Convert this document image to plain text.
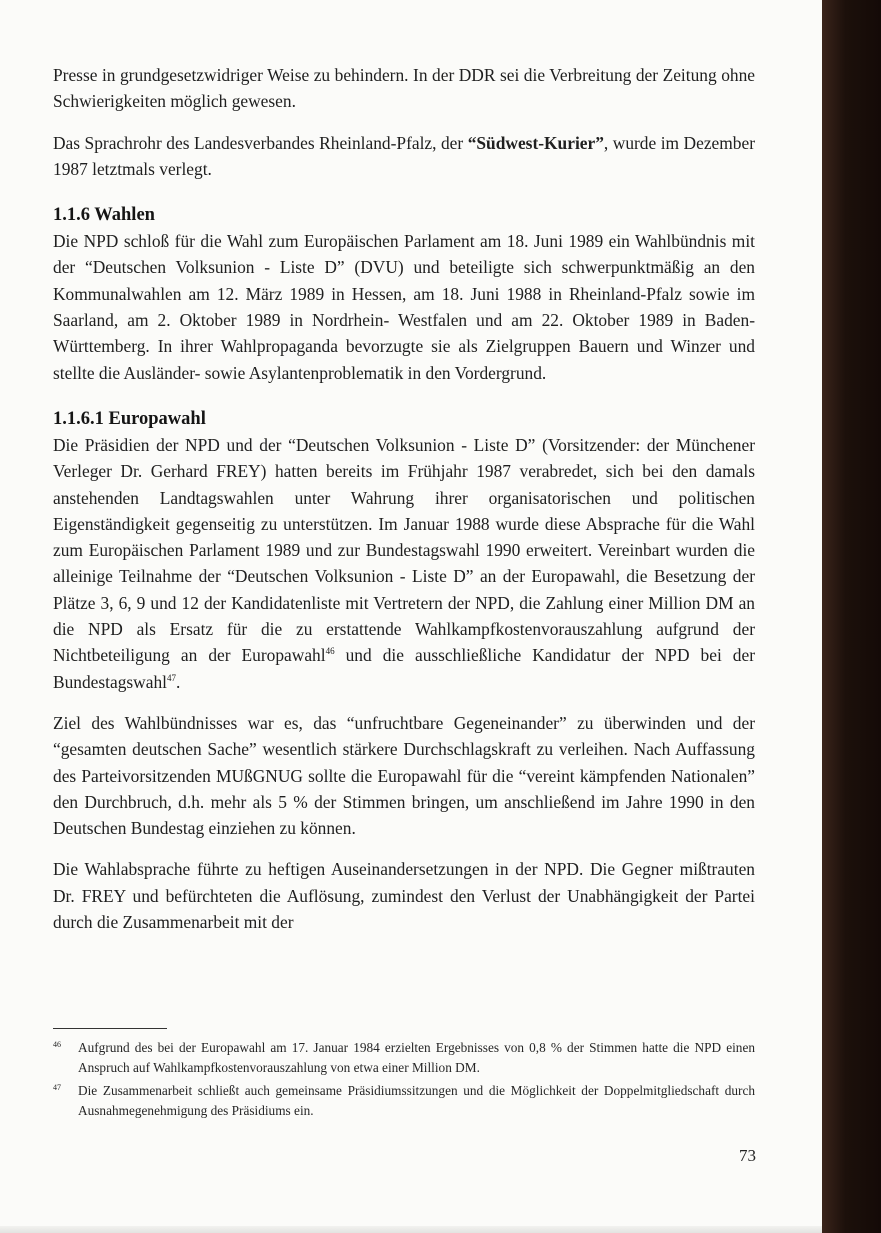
Presse in grundgesetzwidriger Weise zu behindern. In der DDR sei die Verbreitung der Zeitung ohne Schwierigkeiten möglich gewesen.

Das Sprachrohr des Landesverbandes Rheinland-Pfalz, der “Südwest-Kurier”, wurde im Dezember 1987 letztmals verlegt.

1.1.6 Wahlen

Die NPD schloß für die Wahl zum Europäischen Parlament am 18. Juni 1989 ein Wahlbündnis mit der “Deutschen Volksunion - Liste D” (DVU) und beteiligte sich schwerpunktmäßig an den Kommunalwahlen am 12. März 1989 in Hessen, am 18. Juni 1988 in Rheinland-Pfalz sowie im Saarland, am 2. Oktober 1989 in Nordrhein- Westfalen und am 22. Oktober 1989 in Baden-Württemberg. In ihrer Wahlpropaganda bevorzugte sie als Zielgruppen Bauern und Winzer und stellte die Ausländer- sowie Asylantenproblematik in den Vordergrund.

1.1.6.1 Europawahl

Die Präsidien der NPD und der “Deutschen Volksunion - Liste D” (Vorsitzender: der Münchener Verleger Dr. Gerhard FREY) hatten bereits im Frühjahr 1987 verabredet, sich bei den damals anstehenden Landtagswahlen unter Wahrung ihrer organisatorischen und politischen Eigenständigkeit gegenseitig zu unterstützen. Im Januar 1988 wurde diese Absprache für die Wahl zum Europäischen Parlament 1989 und zur Bundestagswahl 1990 erweitert. Vereinbart wurden die alleinige Teilnahme der “Deutschen Volksunion - Liste D” an der Europawahl, die Besetzung der Plätze 3, 6, 9 und 12 der Kandidatenliste mit Vertretern der NPD, die Zahlung einer Million DM an die NPD als Ersatz für die zu erstattende Wahlkampfkostenvorauszahlung aufgrund der Nichtbeteiligung an der Europawahl$^{46}$ und die ausschließliche Kandidatur der NPD bei der Bundestagswahl$^{47}$.

Ziel des Wahlbündnisses war es, das “unfruchtbare Gegeneinander” zu überwinden und der “gesamten deutschen Sache” wesentlich stärkere Durchschlagskraft zu verleihen. Nach Auffassung des Parteivorsitzenden MUßGNUG sollte die Europawahl für die “vereint kämpfenden Nationalen” den Durchbruch, d.h. mehr als 5 % der Stimmen bringen, um anschließend im Jahre 1990 in den Deutschen Bundestag einziehen zu können.

Die Wahlabsprache führte zu heftigen Auseinandersetzungen in der NPD. Die Gegner mißtrauten Dr. FREY und befürchteten die Auflösung, zumindest den Verlust der Unabhängigkeit der Partei durch die Zusammenarbeit mit der

46	Aufgrund des bei der Europawahl am 17. Januar 1984 erzielten Ergebnisses von 0,8 % der Stimmen hatte die NPD einen Anspruch auf Wahlkampfkostenvorauszahlung von etwa einer Million DM.
47	Die Zusammenarbeit schließt auch gemeinsame Präsidiumssitzungen und die Möglichkeit der Doppelmitgliedschaft durch Ausnahmegenehmigung des Präsidiums ein.
73
